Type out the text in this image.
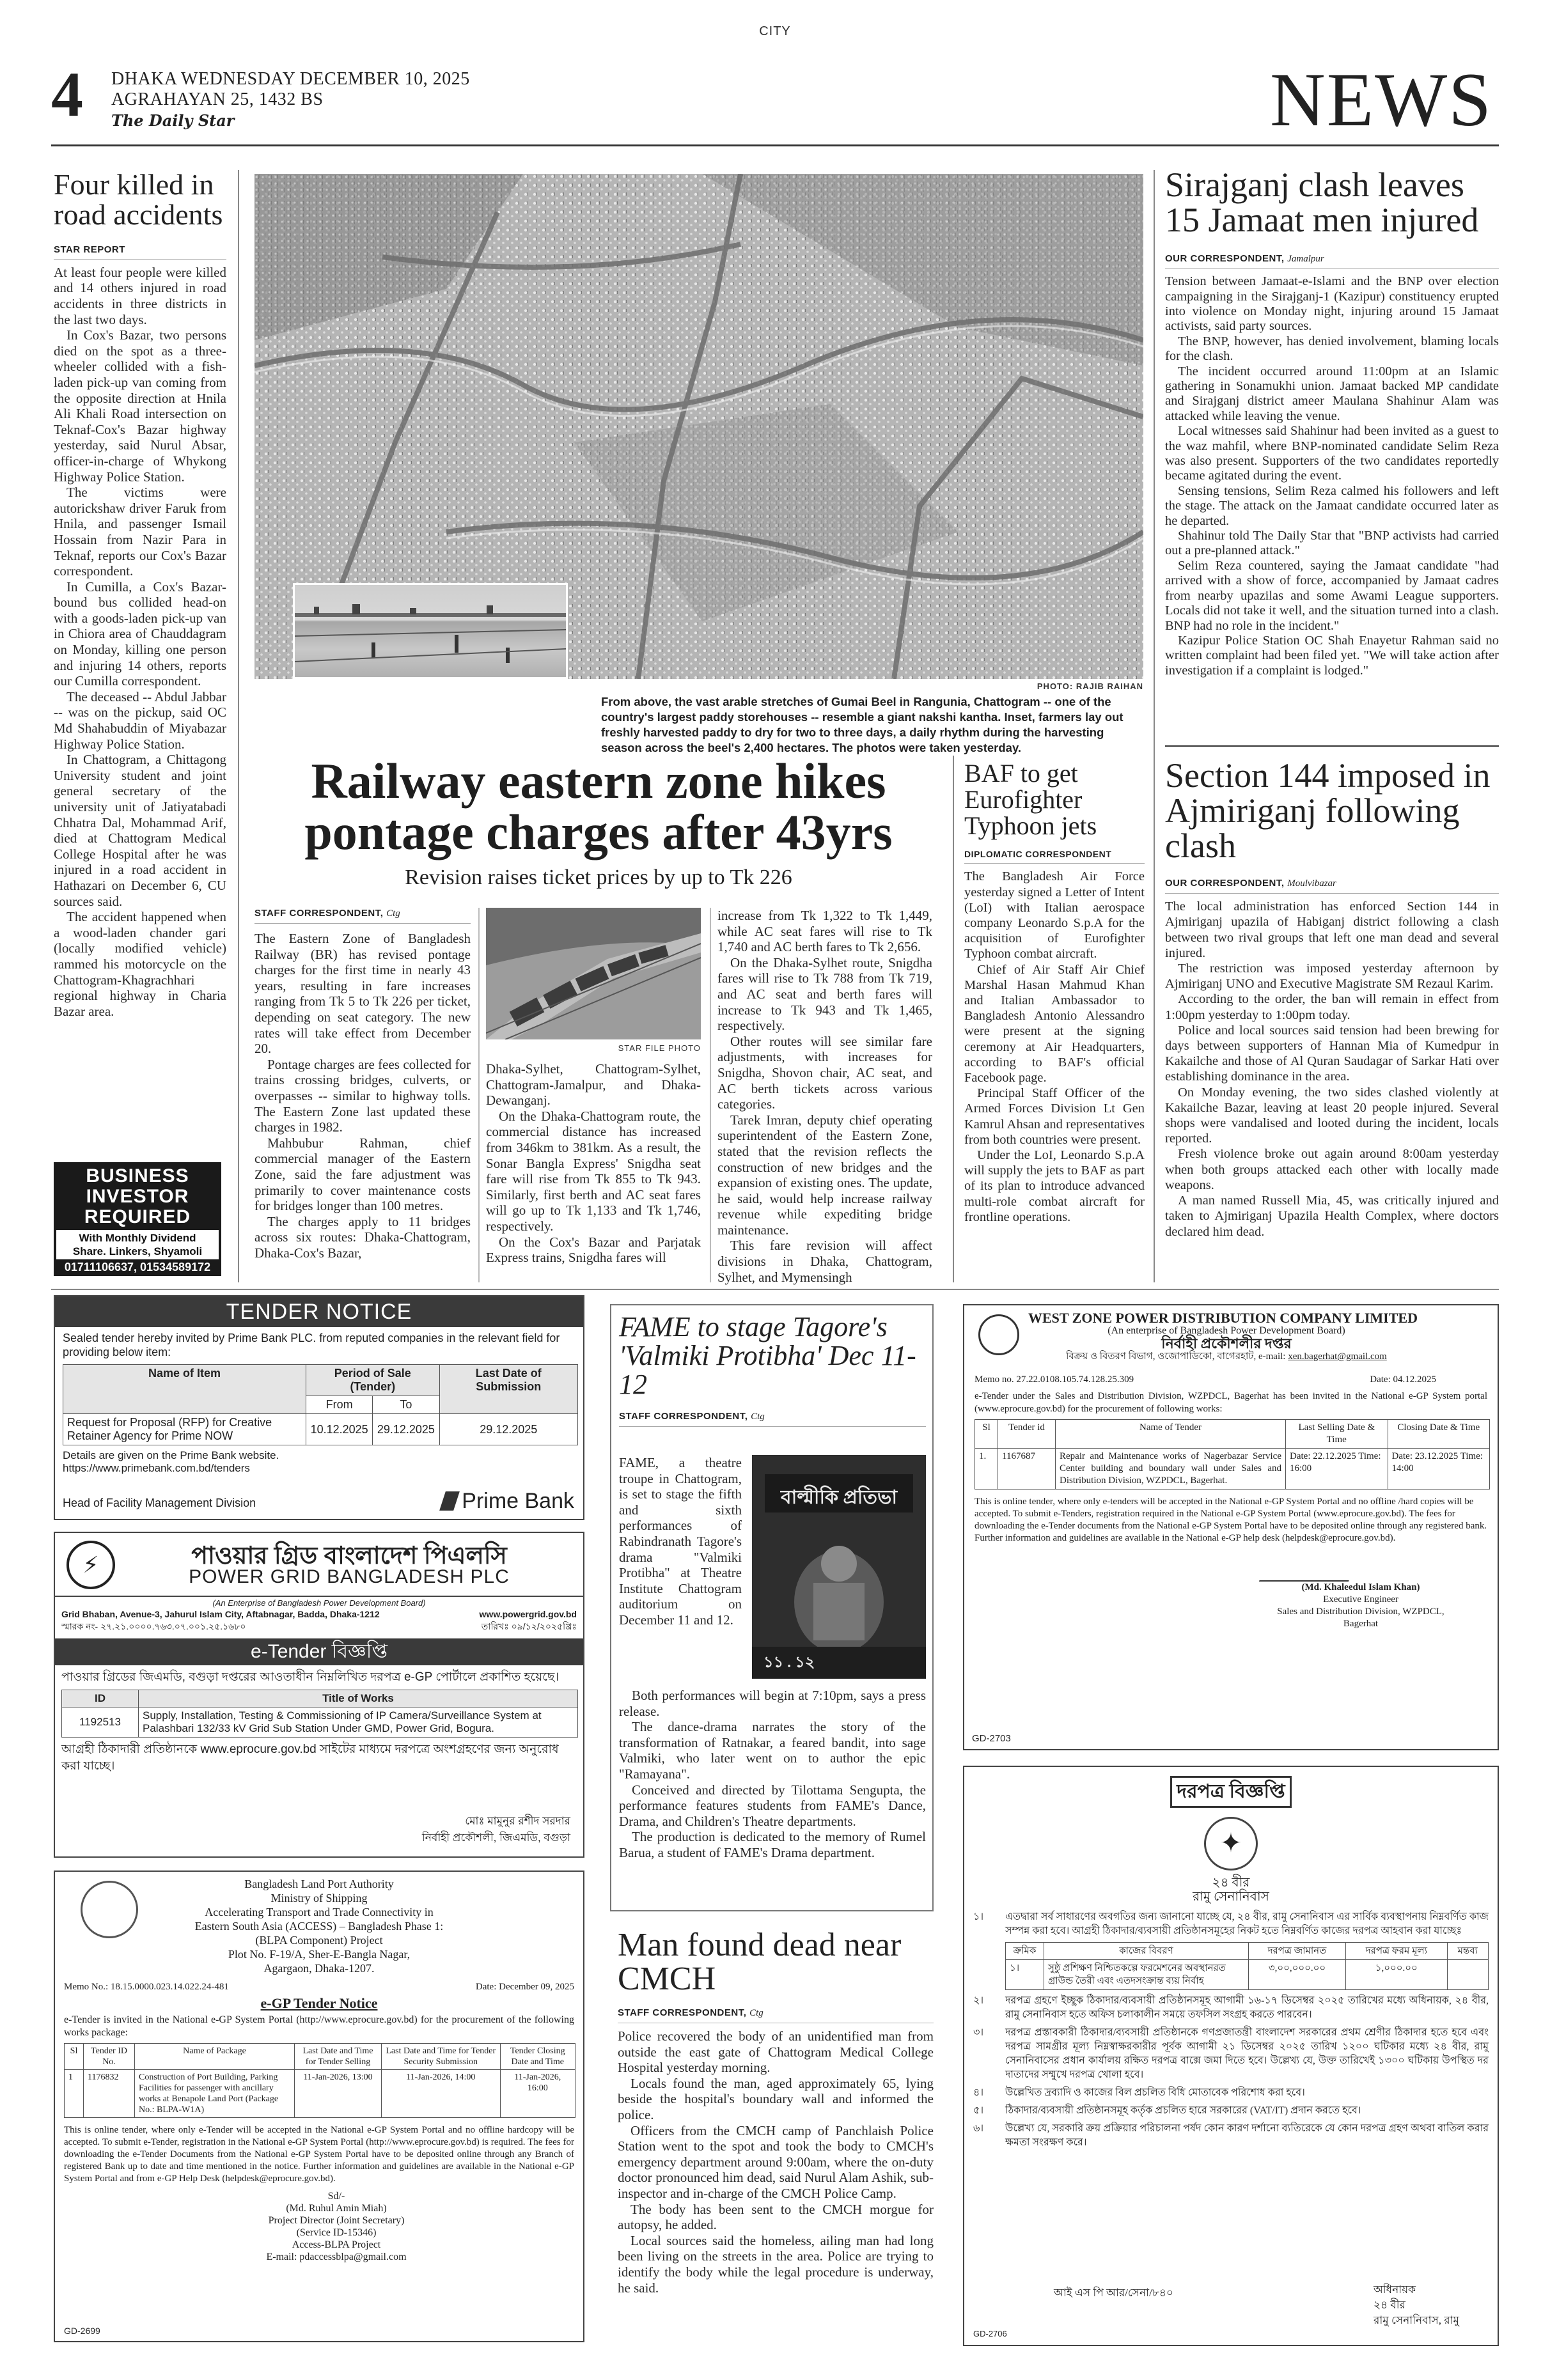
CITY
4 DHAKA WEDNESDAY DECEMBER 10, 2025
AGRAHAYAN 25, 1432 BS
The Daily Star	NEWS
Four killed in road accidents
STAR REPORT

At least four people were killed and 14 others injured in road accidents in three districts in the last two days.

In Cox's Bazar, two persons died on the spot as a three-wheeler collided with a fish-laden pick-up van coming from the opposite direction at Hnila Ali Khali Road intersection on Teknaf-Cox's Bazar highway yesterday, said Nurul Absar, officer-in-charge of Whykong Highway Police Station.

The victims were autorickshaw driver Faruk from Hnila, and passenger Ismail Hossain from Nazir Para in Teknaf, reports our Cox's Bazar correspondent.

In Cumilla, a Cox's Bazar-bound bus collided head-on with a goods-laden pick-up van in Chiora area of Chauddagram on Monday, killing one person and injuring 14 others, reports our Cumilla correspondent.

The deceased -- Abdul Jabbar -- was on the pickup, said OC Md Shahabuddin of Miyabazar Highway Police Station.

In Chattogram, a Chittagong University student and joint general secretary of the university unit of Jatiyatabadi Chhatra Dal, Mohammad Arif, died at Chattogram Medical College Hospital after he was injured in a road accident in Hathazari on December 6, CU sources said.

The accident happened when a wood-laden chander gari (locally modified vehicle) rammed his motorcycle on the Chattogram-Khagrachhari regional highway in Charia Bazar area.

BUSINESS
INVESTOR
REQUIRED
With Monthly Dividend
Share. Linkers, Shyamoli
01711106637, 01534589172
PHOTO: RAJIB RAIHAN
From above, the vast arable stretches of Gumai Beel in Ranguniа, Chattogram -- one of the country's largest paddy storehouses -- resemble a giant nakshi kantha. Inset, farmers lay out freshly harvested paddy to dry for two to three days, a daily rhythm during the harvesting season across the beel's 2,400 hectares. The photos were taken yesterday.
Sirajganj clash leaves 15 Jamaat men injured
OUR CORRESPONDENT, Jamalpur

Tension between Jamaat-e-Islami and the BNP over election campaigning in the Sirajganj-1 (Kazipur) constituency erupted into violence on Monday night, injuring around 15 Jamaat activists, said party sources.

The BNP, however, has denied involvement, blaming locals for the clash.

The incident occurred around 11:00pm at an Islamic gathering in Sonamukhi union. Jamaat backed MP candidate and Sirajganj district ameer Maulana Shahinur Alam was attacked while leaving the venue.

Local witnesses said Shahinur had been invited as a guest to the waz mahfil, where BNP-nominated candidate Selim Reza was also present. Supporters of the two candidates reportedly became agitated during the event.

Sensing tensions, Selim Reza calmed his followers and left the stage. The attack on the Jamaat candidate occurred later as he departed.

Shahinur told The Daily Star that "BNP activists had carried out a pre-planned attack."

Selim Reza countered, saying the Jamaat candidate "had arrived with a show of force, accompanied by Jamaat cadres from nearby upazilas and some Awami League supporters. Locals did not take it well, and the situation turned into a clash. BNP had no role in the incident."

Kazipur Police Station OC Shah Enayetur Rahman said no written complaint had been filed yet. "We will take action after investigation if a complaint is lodged."

Railway eastern zone hikes pontage charges after 43yrs
Revision raises ticket prices by up to Tk 226
STAFF CORRESPONDENT, Ctg

The Eastern Zone of Bangladesh Railway (BR) has revised pontage charges for the first time in nearly 43 years, resulting in fare increases ranging from Tk 5 to Tk 226 per ticket, depending on seat category. The new rates will take effect from December 20.

Pontage charges are fees collected for trains crossing bridges, culverts, or overpasses -- similar to highway tolls. The Eastern Zone last updated these charges in 1982.

Mahbubur Rahman, chief commercial manager of the Eastern Zone, said the fare adjustment was primarily to cover maintenance costs for bridges longer than 100 metres.

The charges apply to 11 bridges across six routes: Dhaka-Chattogram, Dhaka-Cox's Bazar,

STAR FILE PHOTO

Dhaka-Sylhet, Chattogram-Sylhet, Chattogram-Jamalpur, and Dhaka-Dewanganj.

On the Dhaka-Chattogram route, the commercial distance has increased from 346km to 381km. As a result, the Sonar Bangla Express' Snigdha seat fare will rise from Tk 855 to Tk 943. Similarly, first berth and AC seat fares will go up to Tk 1,133 and Tk 1,746, respectively.

On the Cox's Bazar and Parjatak Express trains, Snigdha fares will

increase from Tk 1,322 to Tk 1,449, while AC seat fares will rise to Tk 1,740 and AC berth fares to Tk 2,656.

On the Dhaka-Sylhet route, Snigdha fares will rise to Tk 788 from Tk 719, and AC seat and berth fares will increase to Tk 943 and Tk 1,465, respectively.

Other routes will see similar fare adjustments, with increases for Snigdha, Shovon chair, AC seat, and AC berth tickets across various categories.

Tarek Imran, deputy chief operating superintendent of the Eastern Zone, stated that the revision reflects the construction of new bridges and the expansion of existing ones. The update, he said, would help increase railway revenue while expediting bridge maintenance.

This fare revision will affect divisions in Dhaka, Chattogram, Sylhet, and Mymensingh

BAF to get Eurofighter Typhoon jets
DIPLOMATIC CORRESPONDENT

The Bangladesh Air Force yesterday signed a Letter of Intent (LoI) with Italian aerospace company Leonardo S.p.A for the acquisition of Eurofighter Typhoon combat aircraft.

Chief of Air Staff Air Chief Marshal Hasan Mahmud Khan and Italian Ambassador to Bangladesh Antonio Alessandro were present at the signing ceremony at Air Headquarters, according to BAF's official Facebook page.

Principal Staff Officer of the Armed Forces Division Lt Gen Kamrul Ahsan and representatives from both countries were present.

Under the LoI, Leonardo S.p.A will supply the jets to BAF as part of its plan to introduce advanced multi-role combat aircraft for frontline operations.

Section 144 imposed in Ajmiriganj following clash
OUR CORRESPONDENT, Moulvibazar

The local administration has enforced Section 144 in Ajmiriganj upazila of Habiganj district following a clash between two rival groups that left one man dead and several injured.

The restriction was imposed yesterday afternoon by Ajmiriganj UNO and Executive Magistrate SM Rezaul Karim.

According to the order, the ban will remain in effect from 1:00pm yesterday to 1:00pm today.

Police and local sources said tension had been brewing for days between supporters of Hannan Mia of Kumedpur in Kakailche and those of Al Quran Saudagar of Sarkar Hati over establishing dominance in the area.

On Monday evening, the two sides clashed violently at Kakailche Bazar, leaving at least 20 people injured. Several shops were vandalised and looted during the incident, locals reported.

Fresh violence broke out again around 8:00am yesterday when both groups attacked each other with locally made weapons.

A man named Russell Mia, 45, was critically injured and taken to Ajmiriganj Upazila Health Complex, where doctors declared him dead.

TENDER NOTICE
Sealed tender hereby invited by Prime Bank PLC. from reputed companies in the relevant field for providing below item:
Name of Item	Period of Sale (Tender)		Last Date of Submission
	From	To	
Request for Proposal (RFP) for Creative Retainer Agency for Prime NOW	10.12.2025	29.12.2025	29.12.2025
Details are given on the Prime Bank website.
https://www.primebank.com.bd/tenders
Head of Facility Management Division	Prime Bank
⚡	পাওয়ার গ্রিড বাংলাদেশ পিএলসি
POWER GRID BANGLADESH PLC
(An Enterprise of Bangladesh Power Development Board)
Grid Bhaban, Avenue-3, Jahurul Islam City, Aftabnagar, Badda, Dhaka-1212	www.powergrid.gov.bd
স্মারক নং- ২৭.২১.০০০০.৭৬৩.০৭.০০১.২৫.১৬৮০	তারিখঃ ০৯/১২/২০২৫খ্রিঃ
e-Tender বিজ্ঞপ্তি
পাওয়ার গ্রিডের জিএমডি, বগুড়া দপ্তরের আওতাধীন নিম্নলিখিত দরপত্র e-GP পোর্টালে প্রকাশিত হয়েছে।
ID	Title of Works
1192513	Supply, Installation, Testing & Commissioning of IP Camera/Surveillance System at Palashbari 132/33 kV Grid Sub Station Under GMD, Power Grid, Bogura.
আগ্রহী ঠিকাদারী প্রতিষ্ঠানকে www.eprocure.gov.bd সাইটের মাধ্যমে দরপত্রে অংশগ্রহণের জন্য অনুরোধ করা যাচ্ছে।
মোঃ মামুনুর রশীদ সরদার
নির্বাহী প্রকৌশলী, জিএমডি, বগুড়া
Bangladesh Land Port Authority
Ministry of Shipping
Accelerating Transport and Trade Connectivity in
Eastern South Asia (ACCESS) – Bangladesh Phase 1:
(BLPA Component) Project
Plot No. F-19/A, Sher-E-Bangla Nagar,
Agargaon, Dhaka-1207.
Memo No.: 18.15.0000.023.14.022.24-481	Date: December 09, 2025
e-GP Tender Notice
e-Tender is invited in the National e-GP System Portal (http://www.eprocure.gov.bd) for the procurement of the following works package:
Sl	Tender ID No.	Name of Package	Last Date and Time for Tender Selling	Last Date and Time for Tender Security Submission	Tender Closing Date and Time
1	1176832	Construction of Port Building, Parking Facilities for passenger with ancillary works at Benapole Land Port (Package No.: BLPA-W1A)	11-Jan-2026, 13:00	11-Jan-2026, 14:00	11-Jan-2026, 16:00
This is online tender, where only e-Tender will be accepted in the National e-GP System Portal and no offline hardcopy will be accepted. To submit e-Tender, registration in the National e-GP System Portal (http://www.eprocure.gov.bd) is required. The fees for downloading the e-Tender Documents from the National e-GP System Portal have to be deposited online through any Branch of registered Bank up to date and time mentioned in the notice. Further information and guidelines are available in the National e-GP System Portal and from e-GP Help Desk (helpdesk@eprocure.gov.bd).
Sd/-
(Md. Ruhul Amin Miah)
Project Director (Joint Secretary)
(Service ID-15346)
Access-BLPA Project
E-mail: pdaccessblpa@gmail.com
GD-2699
FAME to stage Tagore's 'Valmiki Protibha' Dec 11-12
STAFF CORRESPONDENT, Ctg
বাল্মীকি প্রতিভা
১১ . ১২

FAME, a theatre troupe in Chattogram, is set to stage the fifth and sixth performances of Rabindranath Tagore's drama "Valmiki Protibha" at Theatre Institute Chattogram auditorium on December 11 and 12.

Both performances will begin at 7:10pm, says a press release.

The dance-drama narrates the story of the transformation of Ratnakar, a feared bandit, into sage Valmiki, who later went on to author the epic "Ramayana".

Conceived and directed by Tilottama Sengupta, the performance features students from FAME's Dance, Drama, and Children's Theatre departments.

The production is dedicated to the memory of Rumel Barua, a student of FAME's Drama department.

Man found dead near CMCH
STAFF CORRESPONDENT, Ctg

Police recovered the body of an unidentified man from outside the east gate of Chattogram Medical College Hospital yesterday morning.

Locals found the man, aged approximately 65, lying beside the hospital's boundary wall and informed the police.

Officers from the CMCH camp of Panchlaish Police Station went to the spot and took the body to CMCH's emergency department around 9:00am, where the on-duty doctor pronounced him dead, said Nurul Alam Ashik, sub-inspector and in-charge of the CMCH Police Camp.

The body has been sent to the CMCH morgue for autopsy, he added.

Local sources said the homeless, ailing man had long been living on the streets in the area. Police are trying to identify the body while the legal procedure is underway, he said.

WEST ZONE POWER DISTRIBUTION COMPANY LIMITED
(An enterprise of Bangladesh Power Development Board)
নির্বাহী প্রকৌশলীর দপ্তর
বিক্রয় ও বিতরণ বিভাগ, ওজোপাডিকো, বাগেরহাট, e-mail: xen.bagerhat@gmail.com
Memo no. 27.22.0108.105.74.128.25.309	Date: 04.12.2025
e-Tender under the Sales and Distribution Division, WZPDCL, Bagerhat has been invited in the National e-GP System portal (www.eprocure.gov.bd) for the procurement of following works:
Sl	Tender id	Name of Tender	Last Selling Date & Time	Closing Date & Time
1.	1167687	Repair and Maintenance works of Nagerbazar Service Center building and boundary wall under Sales and Distribution Division, WZPDCL, Bagerhat.	Date: 22.12.2025 Time: 16:00	Date: 23.12.2025 Time: 14:00
This is online tender, where only e-tenders will be accepted in the National e-GP System Portal and no offline /hard copies will be accepted. To submit e-Tenders, registration required in the National e-GP System Portal (www.eprocure.gov.bd). The fees for downloading the e-Tender documents from the National e-GP System Portal have to be deposited online through any registered bank. Further information and guidelines are available in the National e-GP help desk (helpdesk@eprocure.gov.bd).
(Md. Khaleedul Islam Khan)
Executive Engineer
Sales and Distribution Division, WZPDCL,
Bagerhat
GD-2703
দরপত্র বিজ্ঞপ্তি
✦
২৪ বীর
রামু সেনানিবাস
১।	এতদ্বারা সর্ব সাধারণের অবগতির জন্য জানানো যাচ্ছে যে, ২৪ বীর, রামু সেনানিবাস এর সার্বিক ব্যবস্থাপনায় নিম্নবর্ণিত কাজ সম্পন্ন করা হবে। আগ্রহী ঠিকাদার/ব্যবসায়ী প্রতিষ্ঠানসমূহের নিকট হতে নিম্নবর্ণিত কাজের দরপত্র আহবান করা যাচ্ছেঃ
ক্রমিক	কাজের বিবরণ	দরপত্র জামানত	দরপত্র ফরম মূল্য	মন্তব্য
১।	সুষ্ঠু প্রশিক্ষণ নিশ্চিতকল্পে ফরমেশনের অবস্থানরত গ্রাউন্ড তৈরী এবং এতদসংক্রান্ত ব্যয় নির্বাহ	৩,০০,০০০.০০	১,০০০.০০	
২।	দরপত্র গ্রহণে ইচ্ছুক ঠিকাদার/ব্যবসায়ী প্রতিষ্ঠানসমূহ আগামী ১৬-১৭ ডিসেম্বর ২০২৫ তারিখের মধ্যে অধিনায়ক, ২৪ বীর, রামু সেনানিবাস হতে অফিস চলাকালীন সময়ে তফসিল সংগ্রহ করতে পারবেন।
৩।	দরপত্র প্রস্তাবকারী ঠিকাদার/ব্যবসায়ী প্রতিষ্ঠানকে গণপ্রজাতন্ত্রী বাংলাদেশ সরকারের প্রথম শ্রেণীর ঠিকাদার হতে হবে এবং দরপত্র সামগ্রীর মূল্য নিম্নস্বাক্ষরকারীর পূর্বক আগামী ২১ ডিসেম্বর ২০২৫ তারিখ ১২০০ ঘটিকার মধ্যে ২৪ বীর, রামু সেনানিবাসের প্রধান কার্যালয় রক্ষিত দরপত্র বাক্সে জমা দিতে হবে। উল্লেখ্য যে, উক্ত তারিখেই ১৩০০ ঘটিকায় উপস্থিত দর দাতাদের সম্মুখে দরপত্র খোলা হবে।
৪।	উল্লেখিত দ্রব্যাদি ও কাজের বিল প্রচলিত বিধি মোতাবেক পরিশোধ করা হবে।
৫।	ঠিকাদার/ব্যবসায়ী প্রতিষ্ঠানসমূহ কর্তৃক প্রচলিত হারে সরকারের (VAT/IT) প্রদান করতে হবে।
৬।	উল্লেখ্য যে, সরকারি ক্রয় প্রক্রিয়ার পরিচালনা পর্ষদ কোন কারণ দর্শানো ব্যতিরেকে যে কোন দরপত্র গ্রহণ অথবা বাতিল করার ক্ষমতা সংরক্ষণ করে।
আই এস পি আর/সেনা/৮৪০	অধিনায়ক
২৪ বীর
রামু সেনানিবাস, রামু
GD-2706
